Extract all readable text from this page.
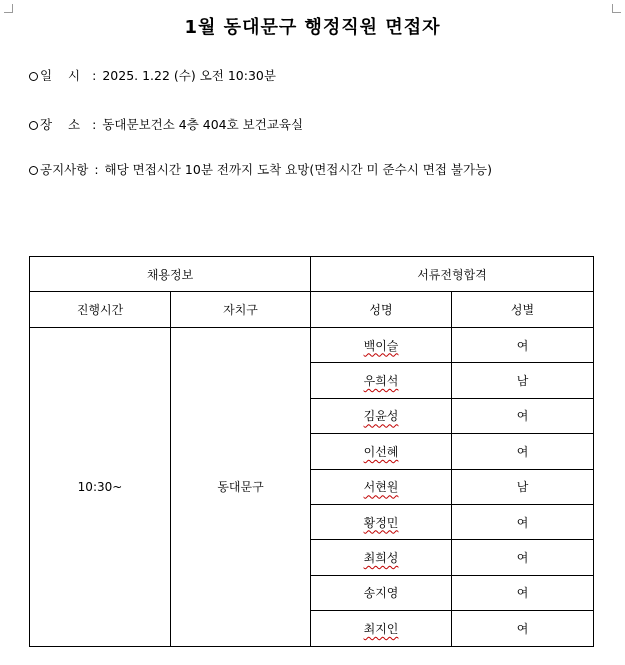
1월 동대문구 행정직원 면접자
일 시 : 2025. 1.22 (수) 오전 10:30분
장 소 : 동대문보건소 4층 404호 보건교육실
공지사항 : 해당 면접시간 10분 전까지 도착 요망(면접시간 미 준수시 면접 불가능)
채용정보		서류전형합격	
진행시간	자치구	성명	성별
10:30~	동대문구	백이슬	여
		우희석	남
		김윤성	여
		이선혜	여
		서현원	남
		황정민	여
		최희성	여
		송지영	여
		최지인	여
